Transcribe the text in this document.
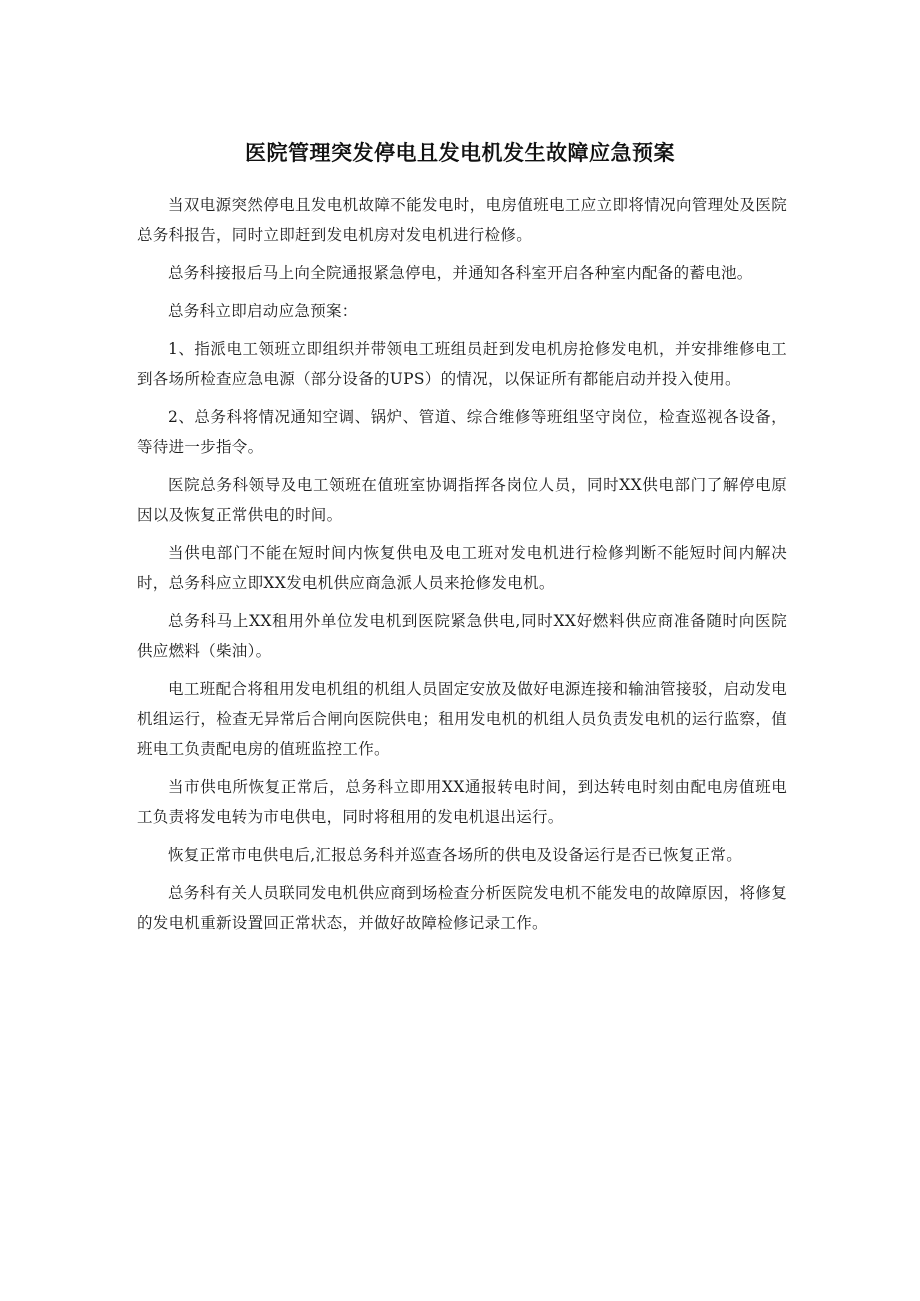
医院管理突发停电且发电机发生故障应急预案

当双电源突然停电且发电机故障不能发电时，电房值班电工应立即将情况向管理处及医院总务科报告，同时立即赶到发电机房对发电机进行检修。

总务科接报后马上向全院通报紧急停电，并通知各科室开启各种室内配备的蓄电池。

总务科立即启动应急预案：

1、指派电工领班立即组织并带领电工班组员赶到发电机房抢修发电机，并安排维修电工到各场所检查应急电源（部分设备的UPS）的情况，以保证所有都能启动并投入使用。

2、总务科将情况通知空调、锅炉、管道、综合维修等班组坚守岗位，检查巡视各设备，等待进一步指令。

医院总务科领导及电工领班在值班室协调指挥各岗位人员，同时XX供电部门了解停电原因以及恢复正常供电的时间。

当供电部门不能在短时间内恢复供电及电工班对发电机进行检修判断不能短时间内解决时，总务科应立即XX发电机供应商急派人员来抢修发电机。

总务科马上XX租用外单位发电机到医院紧急供电,同时XX好燃料供应商准备随时向医院供应燃料（柴油）。

电工班配合将租用发电机组的机组人员固定安放及做好电源连接和输油管接驳，启动发电机组运行，检查无异常后合闸向医院供电；租用发电机的机组人员负责发电机的运行监察，值班电工负责配电房的值班监控工作。

当市供电所恢复正常后，总务科立即用XX通报转电时间，到达转电时刻由配电房值班电工负责将发电转为市电供电，同时将租用的发电机退出运行。

恢复正常市电供电后,汇报总务科并巡查各场所的供电及设备运行是否已恢复正常。

总务科有关人员联同发电机供应商到场检查分析医院发电机不能发电的故障原因，将修复的发电机重新设置回正常状态，并做好故障检修记录工作。
